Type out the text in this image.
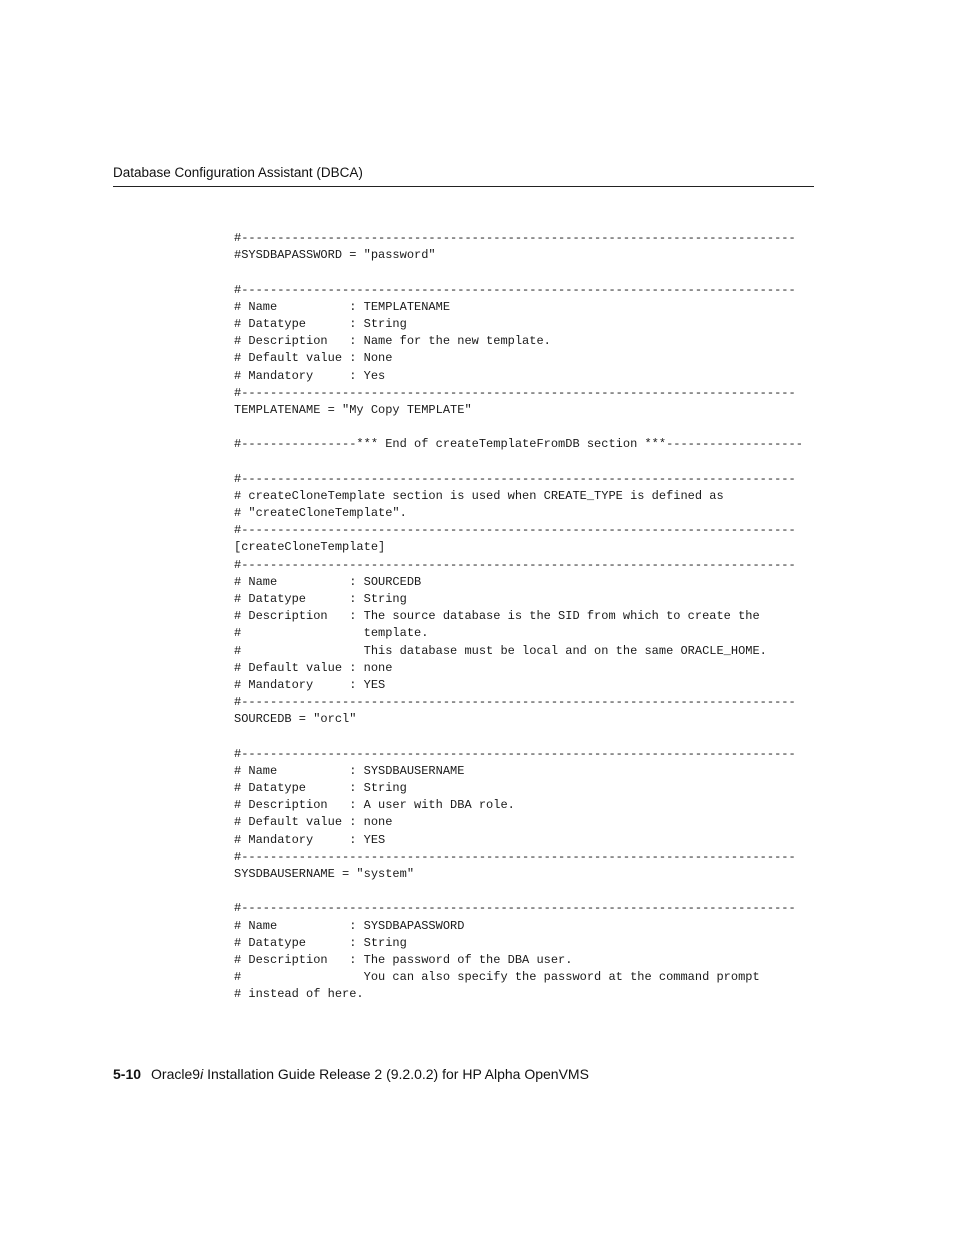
Database Configuration Assistant (DBCA)
#-----------------------------------------------------------------------------
#SYSDBAPASSWORD = "password"
#-----------------------------------------------------------------------------
# Name          : TEMPLATENAME
# Datatype      : String
# Description   : Name for the new template.
# Default value : None
# Mandatory     : Yes
#-----------------------------------------------------------------------------
TEMPLATENAME = "My Copy TEMPLATE"
#----------------*** End of createTemplateFromDB section ***-------------------
#-----------------------------------------------------------------------------
# createCloneTemplate section is used when CREATE_TYPE is defined as
# "createCloneTemplate".
#-----------------------------------------------------------------------------
[createCloneTemplate]
#-----------------------------------------------------------------------------
# Name          : SOURCEDB
# Datatype      : String
# Description   : The source database is the SID from which to create the
#                 template.
#                 This database must be local and on the same ORACLE_HOME.
# Default value : none
# Mandatory     : YES
#-----------------------------------------------------------------------------
SOURCEDB = "orcl"
#-----------------------------------------------------------------------------
# Name          : SYSDBAUSERNAME
# Datatype      : String
# Description   : A user with DBA role.
# Default value : none
# Mandatory     : YES
#-----------------------------------------------------------------------------
SYSDBAUSERNAME = "system"
#-----------------------------------------------------------------------------
# Name          : SYSDBAPASSWORD
# Datatype      : String
# Description   : The password of the DBA user.
#                 You can also specify the password at the command prompt
# instead of here.
5-10 Oracle9i Installation Guide Release 2 (9.2.0.2) for HP Alpha OpenVMS
